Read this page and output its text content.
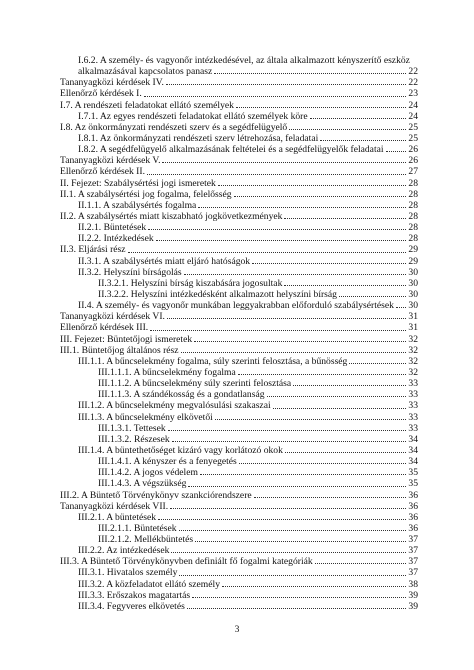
I.6.2. A személy- és vagyonőr intézkedésével, az általa alkalmazott kényszerítő eszköz
alkalmazásával kapcsolatos panasz	22
Tananyagközi kérdések IV.	22
Ellenőrző kérdések I.	23
I.7. A rendészeti feladatokat ellátó személyek	24
I.7.1. Az egyes rendészeti feladatokat ellátó személyek köre	24
I.8. Az önkormányzati rendészeti szerv és a segédfelügyelő	25
I.8.1. Az önkormányzati rendészeti szerv létrehozása, feladatai	25
I.8.2. A segédfelügyelő alkalmazásának feltételei és a segédfelügyelők feladatai	26
Tananyagközi kérdések V.	26
Ellenőrző kérdések II.	27
II. Fejezet: Szabálysértési jogi ismeretek	28
II.1. A szabálysértési jog fogalma, felelősség	28
II.1.1. A szabálysértés fogalma	28
II.2. A szabálysértés miatt kiszabható jogkövetkezmények	28
II.2.1. Büntetések	28
II.2.2. Intézkedések	28
II.3. Eljárási rész	29
II.3.1. A szabálysértés miatt eljáró hatóságok	29
II.3.2. Helyszíni bírságolás	30
II.3.2.1. Helyszíni bírság kiszabására jogosultak	30
II.3.2.2. Helyszíni intézkedésként alkalmazott helyszíni bírság	30
II.4. A személy- és vagyonőr munkában leggyakrabban előforduló szabálysértések 30
Tananyagközi kérdések VI.	31
Ellenőrző kérdések III.	31
III. Fejezet: Büntetőjogi ismeretek	32
III.1. Büntetőjog általános rész	32
III.1.1. A bűncselekmény fogalma, súly szerinti felosztása, a bűnösség	32
III.1.1.1. A bűncselekmény fogalma	32
III.1.1.2. A bűncselekmény súly szerinti felosztása	33
III.1.1.3. A szándékosság és a gondatlanság	33
III.1.2. A bűncselekmény megvalósulási szakaszai	33
III.1.3. A bűncselekmény elkövetői	33
III.1.3.1. Tettesek	33
III.1.3.2. Részesek	34
III.1.4. A büntethetőséget kizáró vagy korlátozó okok	34
III.1.4.1. A kényszer és a fenyegetés	34
III.1.4.2. A jogos védelem	35
III.1.4.3. A végszükség	35
III.2. A Büntető Törvénykönyv szankciórendszere	36
Tananyagközi kérdések VII.	36
III.2.1. A büntetések	36
III.2.1.1. Büntetések	36
III.2.1.2. Mellékbüntetés	37
III.2.2. Az intézkedések	37
III.3. A Büntető Törvénykönyvben definiált fő fogalmi kategóriák	37
III.3.1. Hivatalos személy	37
III.3.2. A közfeladatot ellátó személy	38
III.3.3. Erőszakos magatartás	39
III.3.4. Fegyveres elkövetés	39
3
